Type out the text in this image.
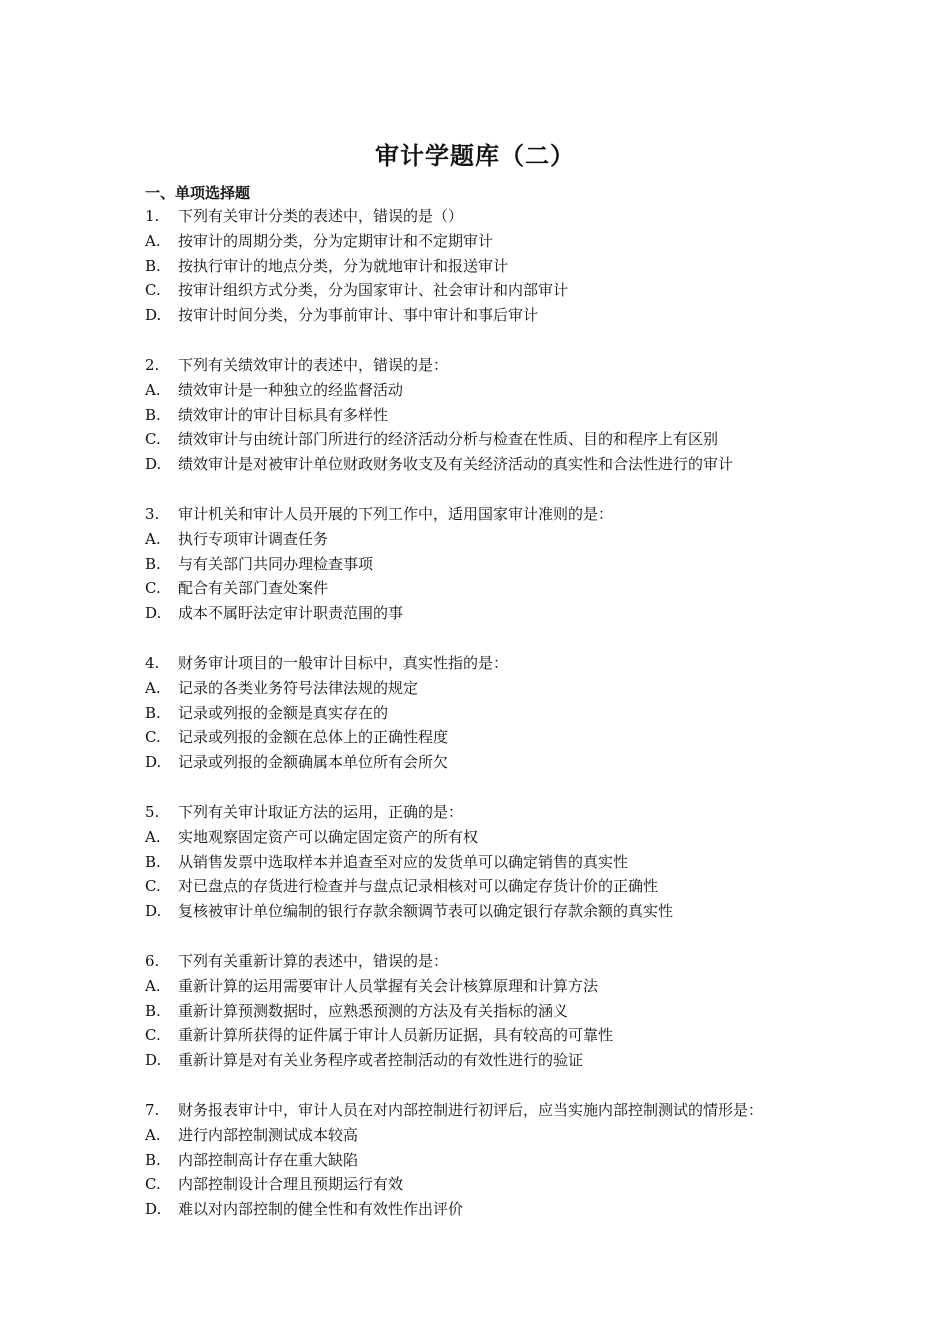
审计学题库（二）
一、单项选择题
1.	下列有关审计分类的表述中，错误的是（）
A.	按审计的周期分类，分为定期审计和不定期审计
B.	按执行审计的地点分类，分为就地审计和报送审计
C.	按审计组织方式分类，分为国家审计、社会审计和内部审计
D.	按审计时间分类，分为事前审计、事中审计和事后审计
2.	下列有关绩效审计的表述中，错误的是：
A.	绩效审计是一种独立的经监督活动
B.	绩效审计的审计目标具有多样性
C.	绩效审计与由统计部门所进行的经济活动分析与检查在性质、目的和程序上有区别
D.	绩效审计是对被审计单位财政财务收支及有关经济活动的真实性和合法性进行的审计
3.	审计机关和审计人员开展的下列工作中，适用国家审计准则的是：
A.	执行专项审计调查任务
B.	与有关部门共同办理检查事项
C.	配合有关部门查处案件
D.	成本不属盱法定审计职责范围的事
4.	财务审计项目的一般审计目标中，真实性指的是：
A.	记录的各类业务符号法律法规的规定
B.	记录或列报的金额是真实存在的
C.	记录或列报的金额在总体上的正确性程度
D.	记录或列报的金额确属本单位所有会所欠
5.	下列有关审计取证方法的运用，正确的是：
A.	实地观察固定资产可以确定固定资产的所有权
B.	从销售发票中选取样本并追查至对应的发货单可以确定销售的真实性
C.	对已盘点的存货进行检查并与盘点记录相核对可以确定存货计价的正确性
D.	复核被审计单位编制的银行存款余额调节表可以确定银行存款余额的真实性
6.	下列有关重新计算的表述中，错误的是：
A.	重新计算的运用需要审计人员掌握有关会计核算原理和计算方法
B.	重新计算预测数据时，应熟悉预测的方法及有关指标的涵义
C.	重新计算所获得的证件属于审计人员新历证据，具有较高的可靠性
D.	重新计算是对有关业务程序或者控制活动的有效性进行的验证
7.	财务报表审计中，审计人员在对内部控制进行初评后，应当实施内部控制测试的情形是：
A.	进行内部控制测试成本较高
B.	内部控制高计存在重大缺陷
C.	内部控制设计合理且预期运行有效
D.	难以对内部控制的健全性和有效性作出评价
